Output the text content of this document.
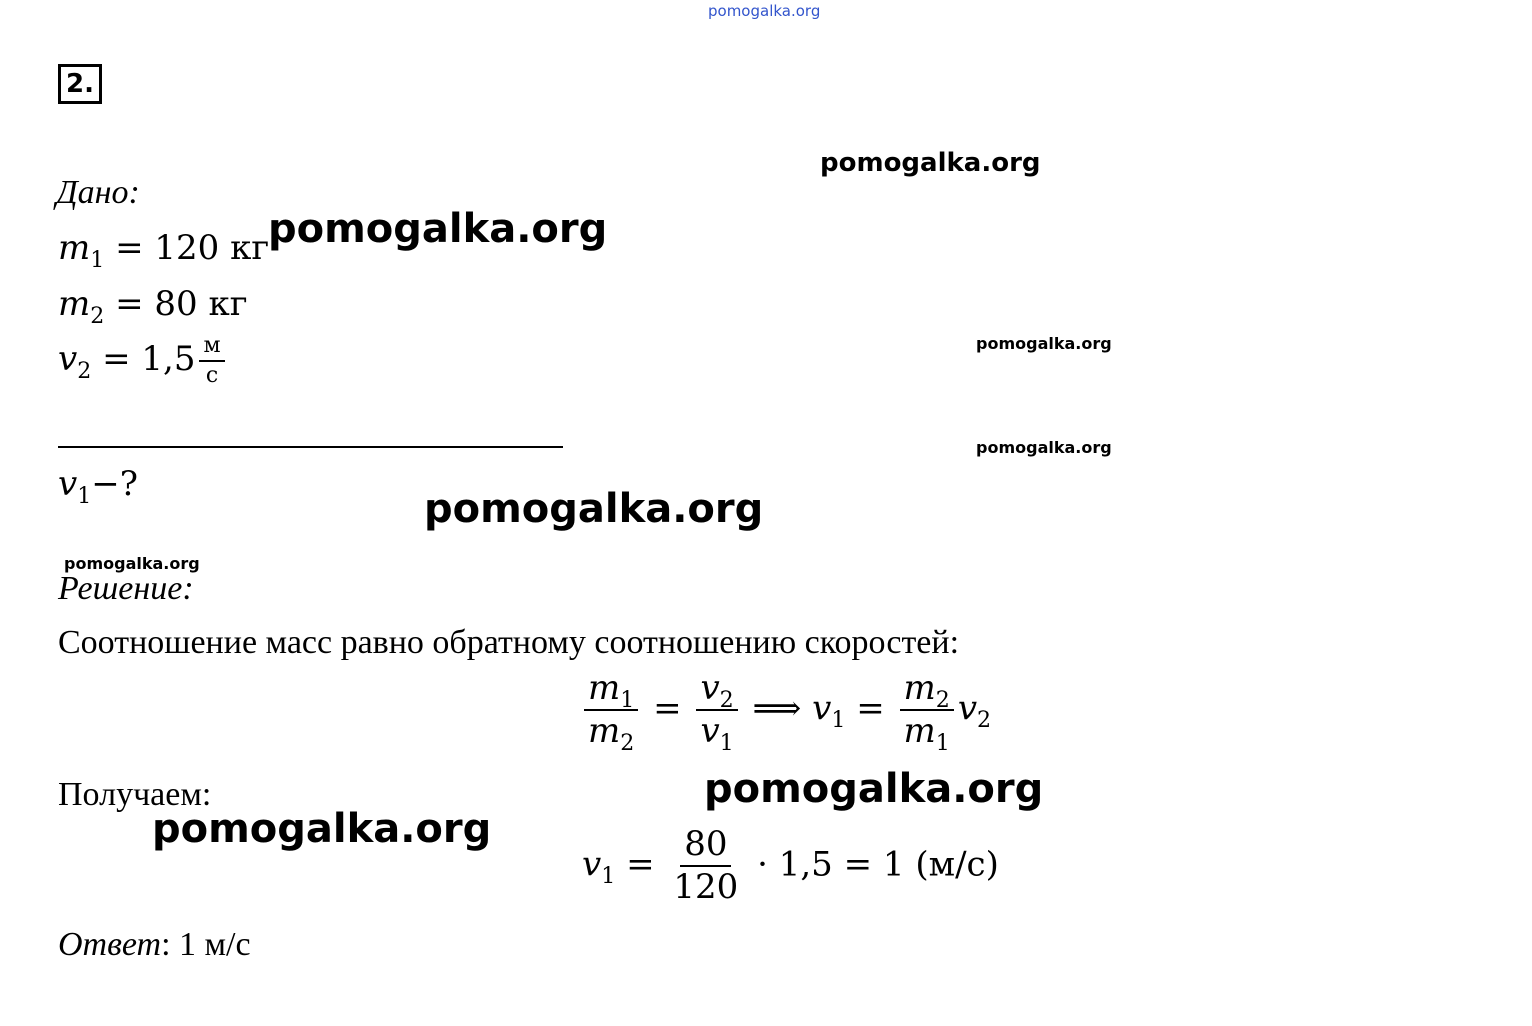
pomogalka.org
pomogalka.org
pomogalka.org
pomogalka.org
pomogalka.org
pomogalka.org
pomogalka.org
pomogalka.org
pomogalka.org
2.
Дано:
$m_1 = 120$ кг
$m_2 = 80$ кг
$v_2 = 1,5 \frac{м}{с}$
$v_1-$?
Решение:
Соотношение масс равно обратному соотношению скоростей:
$\frac{m_1}{m_2} = \frac{v_2}{v_1}$ ⟹ $v_1 = \frac{m_2}{m_1} v_2$
Получаем:
$v_1 = \frac{80}{120} \cdot 1,5 = 1$ (м/с)
Ответ: 1 м/с
